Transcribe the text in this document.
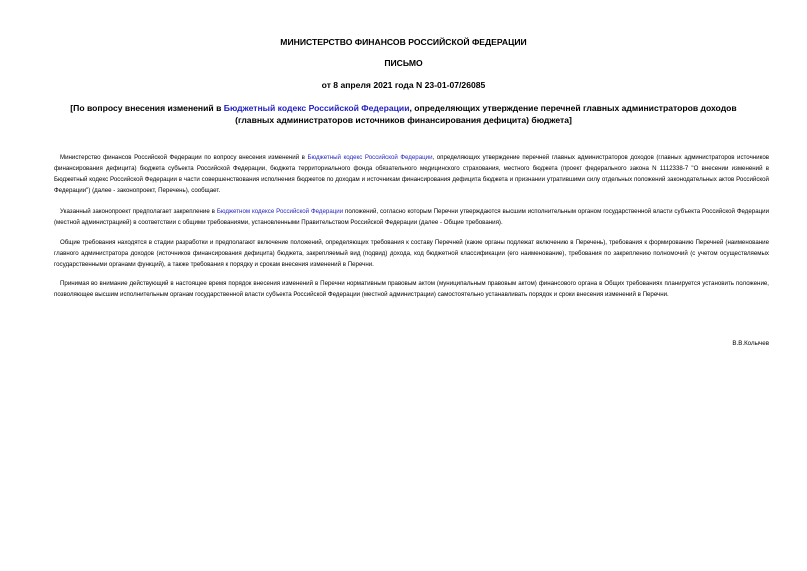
МИНИСТЕРСТВО ФИНАНСОВ РОССИЙСКОЙ ФЕДЕРАЦИИ
ПИСЬМО
от 8 апреля 2021 года N 23-01-07/26085
[По вопросу внесения изменений в Бюджетный кодекс Российской Федерации, определяющих утверждение перечней главных администраторов доходов
(главных администраторов источников финансирования дефицита) бюджета]
Министерство финансов Российской Федерации по вопросу внесения изменений в Бюджетный кодекс Российской Федерации, определяющих утверждение перечней главных администраторов доходов (главных администраторов источников финансирования дефицита) бюджета субъекта Российской Федерации, бюджета территориального фонда обязательного медицинского страхования, местного бюджета (проект федерального закона N 1112338-7 "О внесении изменений в Бюджетный кодекс Российской Федерации в части совершенствования исполнения бюджетов по доходам и источникам финансирования дефицита бюджета и признании утратившими силу отдельных положений законодательных актов Российской Федерации") (далее - законопроект, Перечень), сообщает.
Указанный законопроект предполагает закрепление в Бюджетном кодексе Российской Федерации положений, согласно которым Перечни утверждаются высшим исполнительным органом государственной власти субъекта Российской Федерации (местной администрацией) в соответствии с общими требованиями, установленными Правительством Российской Федерации (далее - Общие требования).
Общие требования находятся в стадии разработки и предполагают включение положений, определяющих требования к составу Перечней (какие органы подлежат включению в Перечень), требования к формированию Перечней (наименование главного администратора доходов (источников финансирования дефицита) бюджета, закрепляемый вид (подвид) дохода, код бюджетной классификации (его наименование), требования по закреплению полномочий (с учетом осуществляемых государственными органами функций), а также требования к порядку и срокам внесения изменений в Перечни.
Принимая во внимание действующий в настоящее время порядок внесения изменений в Перечни нормативным правовым актом (муниципальным правовым актом) финансового органа в Общих требованиях планируется установить положение, позволяющее высшим исполнительным органам государственной власти субъекта Российской Федерации (местной администрации) самостоятельно устанавливать порядок и сроки внесения изменений в Перечни.
В.В.Колычев
